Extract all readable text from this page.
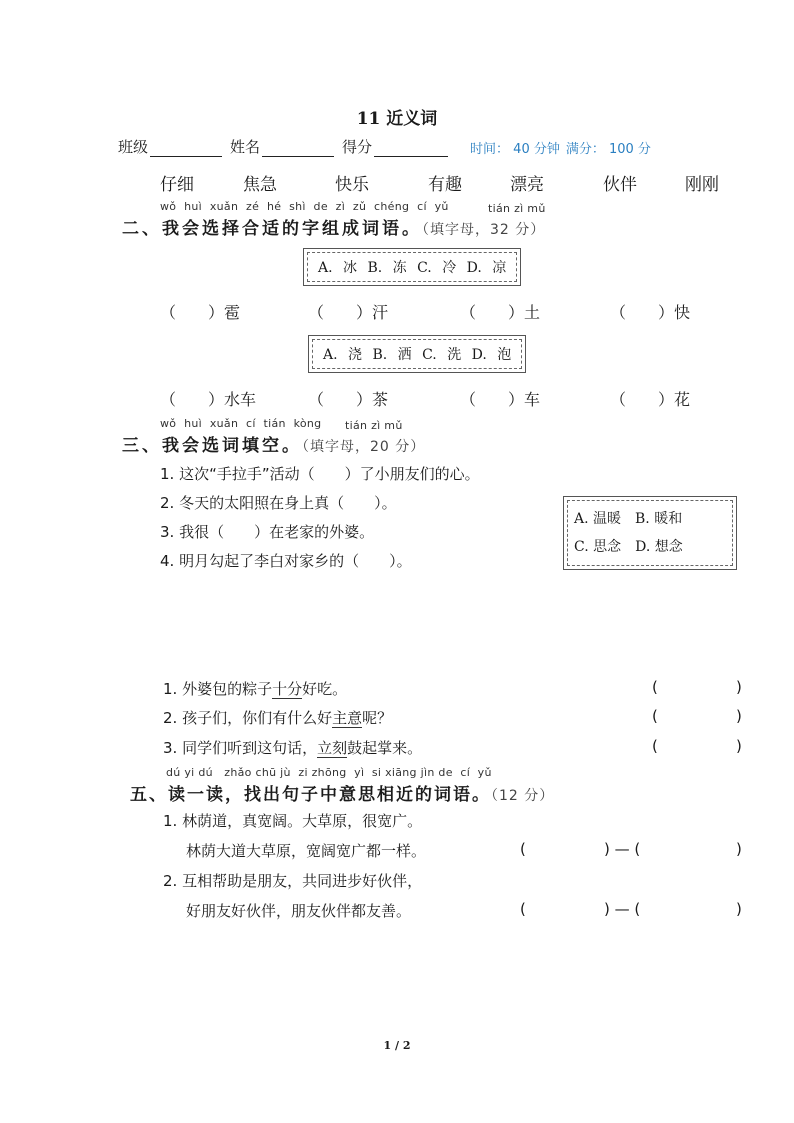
11 近义词
班级	姓名	得分	时间： 40 分钟 满分： 100 分
仔细	焦急	快乐	有趣	漂亮	伙伴	刚刚
wǒ huì xuǎn zé hé shì de zì zǔ chéng cí yǔ	tián zì mǔ
二、我会选择合适的字组成词语。（填字母，32 分）
A. 冰 B. 冻 C. 冷 D. 凉
（　　）雹	（　　）汗	（　　）土	（　　）快
A. 浇 B. 洒 C. 洗 D. 泡
（　　）水车	（　　）茶	（　　）车	（　　）花
wǒ huì xuǎn cí tián kòng tián zì mǔ
三、我会选词填空。（填字母，20 分）
1. 这次“手拉手”活动（　　）了小朋友们的心。
2. 冬天的太阳照在身上真（　　）。
3. 我很（　　）在老家的外婆。
4. 明月勾起了李白对家乡的（　　）。
A. 温暖　B. 暖和
C. 思念　D. 想念
1. 外婆包的粽子十分好吃。	(	)
2. 孩子们，你们有什么好主意呢？	(	)
3. 同学们听到这句话，立刻鼓起掌来。	(	)
dú yi dú   zhǎo chū jù  zi zhōng  yì  si xiāng jìn de  cí  yǔ
五、读一读，找出句子中意思相近的词语。（12 分）
1. 林荫道，真宽阔。大草原，很宽广。
林荫大道大草原，宽阔宽广都一样。	(	) — (	)
2. 互相帮助是朋友，共同进步好伙伴，
好朋友好伙伴，朋友伙伴都友善。	(	) — (	)
1 / 2
